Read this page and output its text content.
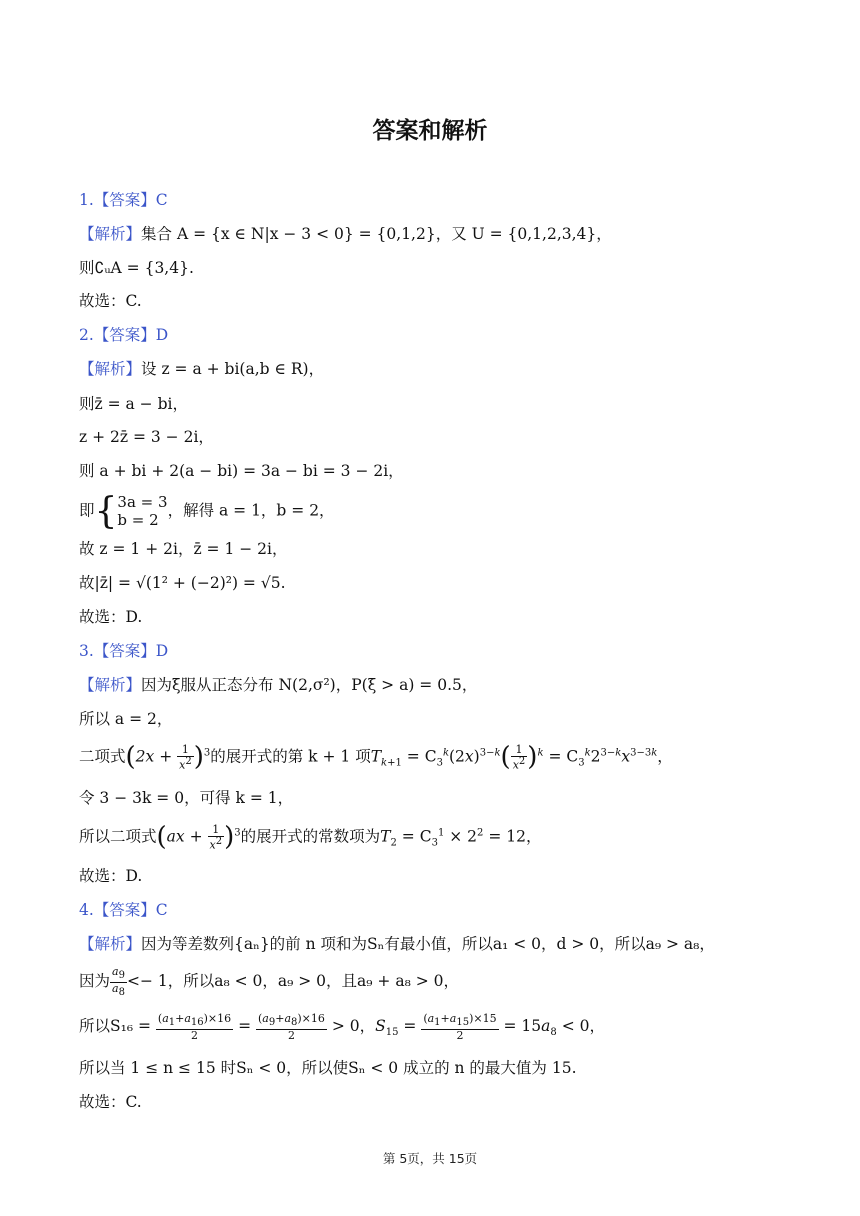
答案和解析
1.【答案】C
【解析】集合 A = {x ∈ N|x − 3 < 0} = {0,1,2}，又 U = {0,1,2,3,4}，
则∁ᵤA = {3,4}.
故选：C.
2.【答案】D
【解析】设 z = a + bi(a,b ∈ R)，
则z̄ = a − bi，
z + 2z̄ = 3 − 2i，
则 a + bi + 2(a − bi) = 3a − bi = 3 − 2i，
即{ 3a = 3
b = 2 ，解得 a = 1，b = 2，
故 z = 1 + 2i，z̄ = 1 − 2i，
故|z̄| = √(1² + (−2)²) = √5.
故选：D.
3.【答案】D
【解析】因为ξ服从正态分布 N(2,σ²)，P(ξ > a) = 0.5，
所以 a = 2，
二项式$(2x + \frac{1}{x^2} )^3$的展开式的第 k + 1 项$T_{k+1} = C_3^k(2x)^{3-k}( \frac{1}{x^2} )^k = C_3^k2^{3-k}x^{3-3k}$，
令 3 − 3k = 0，可得 k = 1，
所以二项式$(ax + \frac{1}{x^2} )^3$的展开式的常数项为$T_2 = C_3^1 \times 2^2 = 12$，
故选：D.
4.【答案】C
【解析】因为等差数列{aₙ}的前 n 项和为Sₙ有最小值，所以a₁ < 0，d > 0，所以a₉ > a₈，
因为 $\frac{a_9}{a_8} <- 1$，所以a₈ < 0，a₉ > 0，且a₉ + a₈ > 0，
所以$S_{16} = \frac{(a_1+a_{16})\times 16}{2} = \frac{(a_9+a_8)\times 16}{2} > 0$，$S_{15} = \frac{(a_1+a_{15})\times 15}{2} = 15a_8 < 0$，
所以当 1 ≤ n ≤ 15 时Sₙ < 0，所以使Sₙ < 0 成立的 n 的最大值为 15.
故选：C.
第 5页，共 15页
